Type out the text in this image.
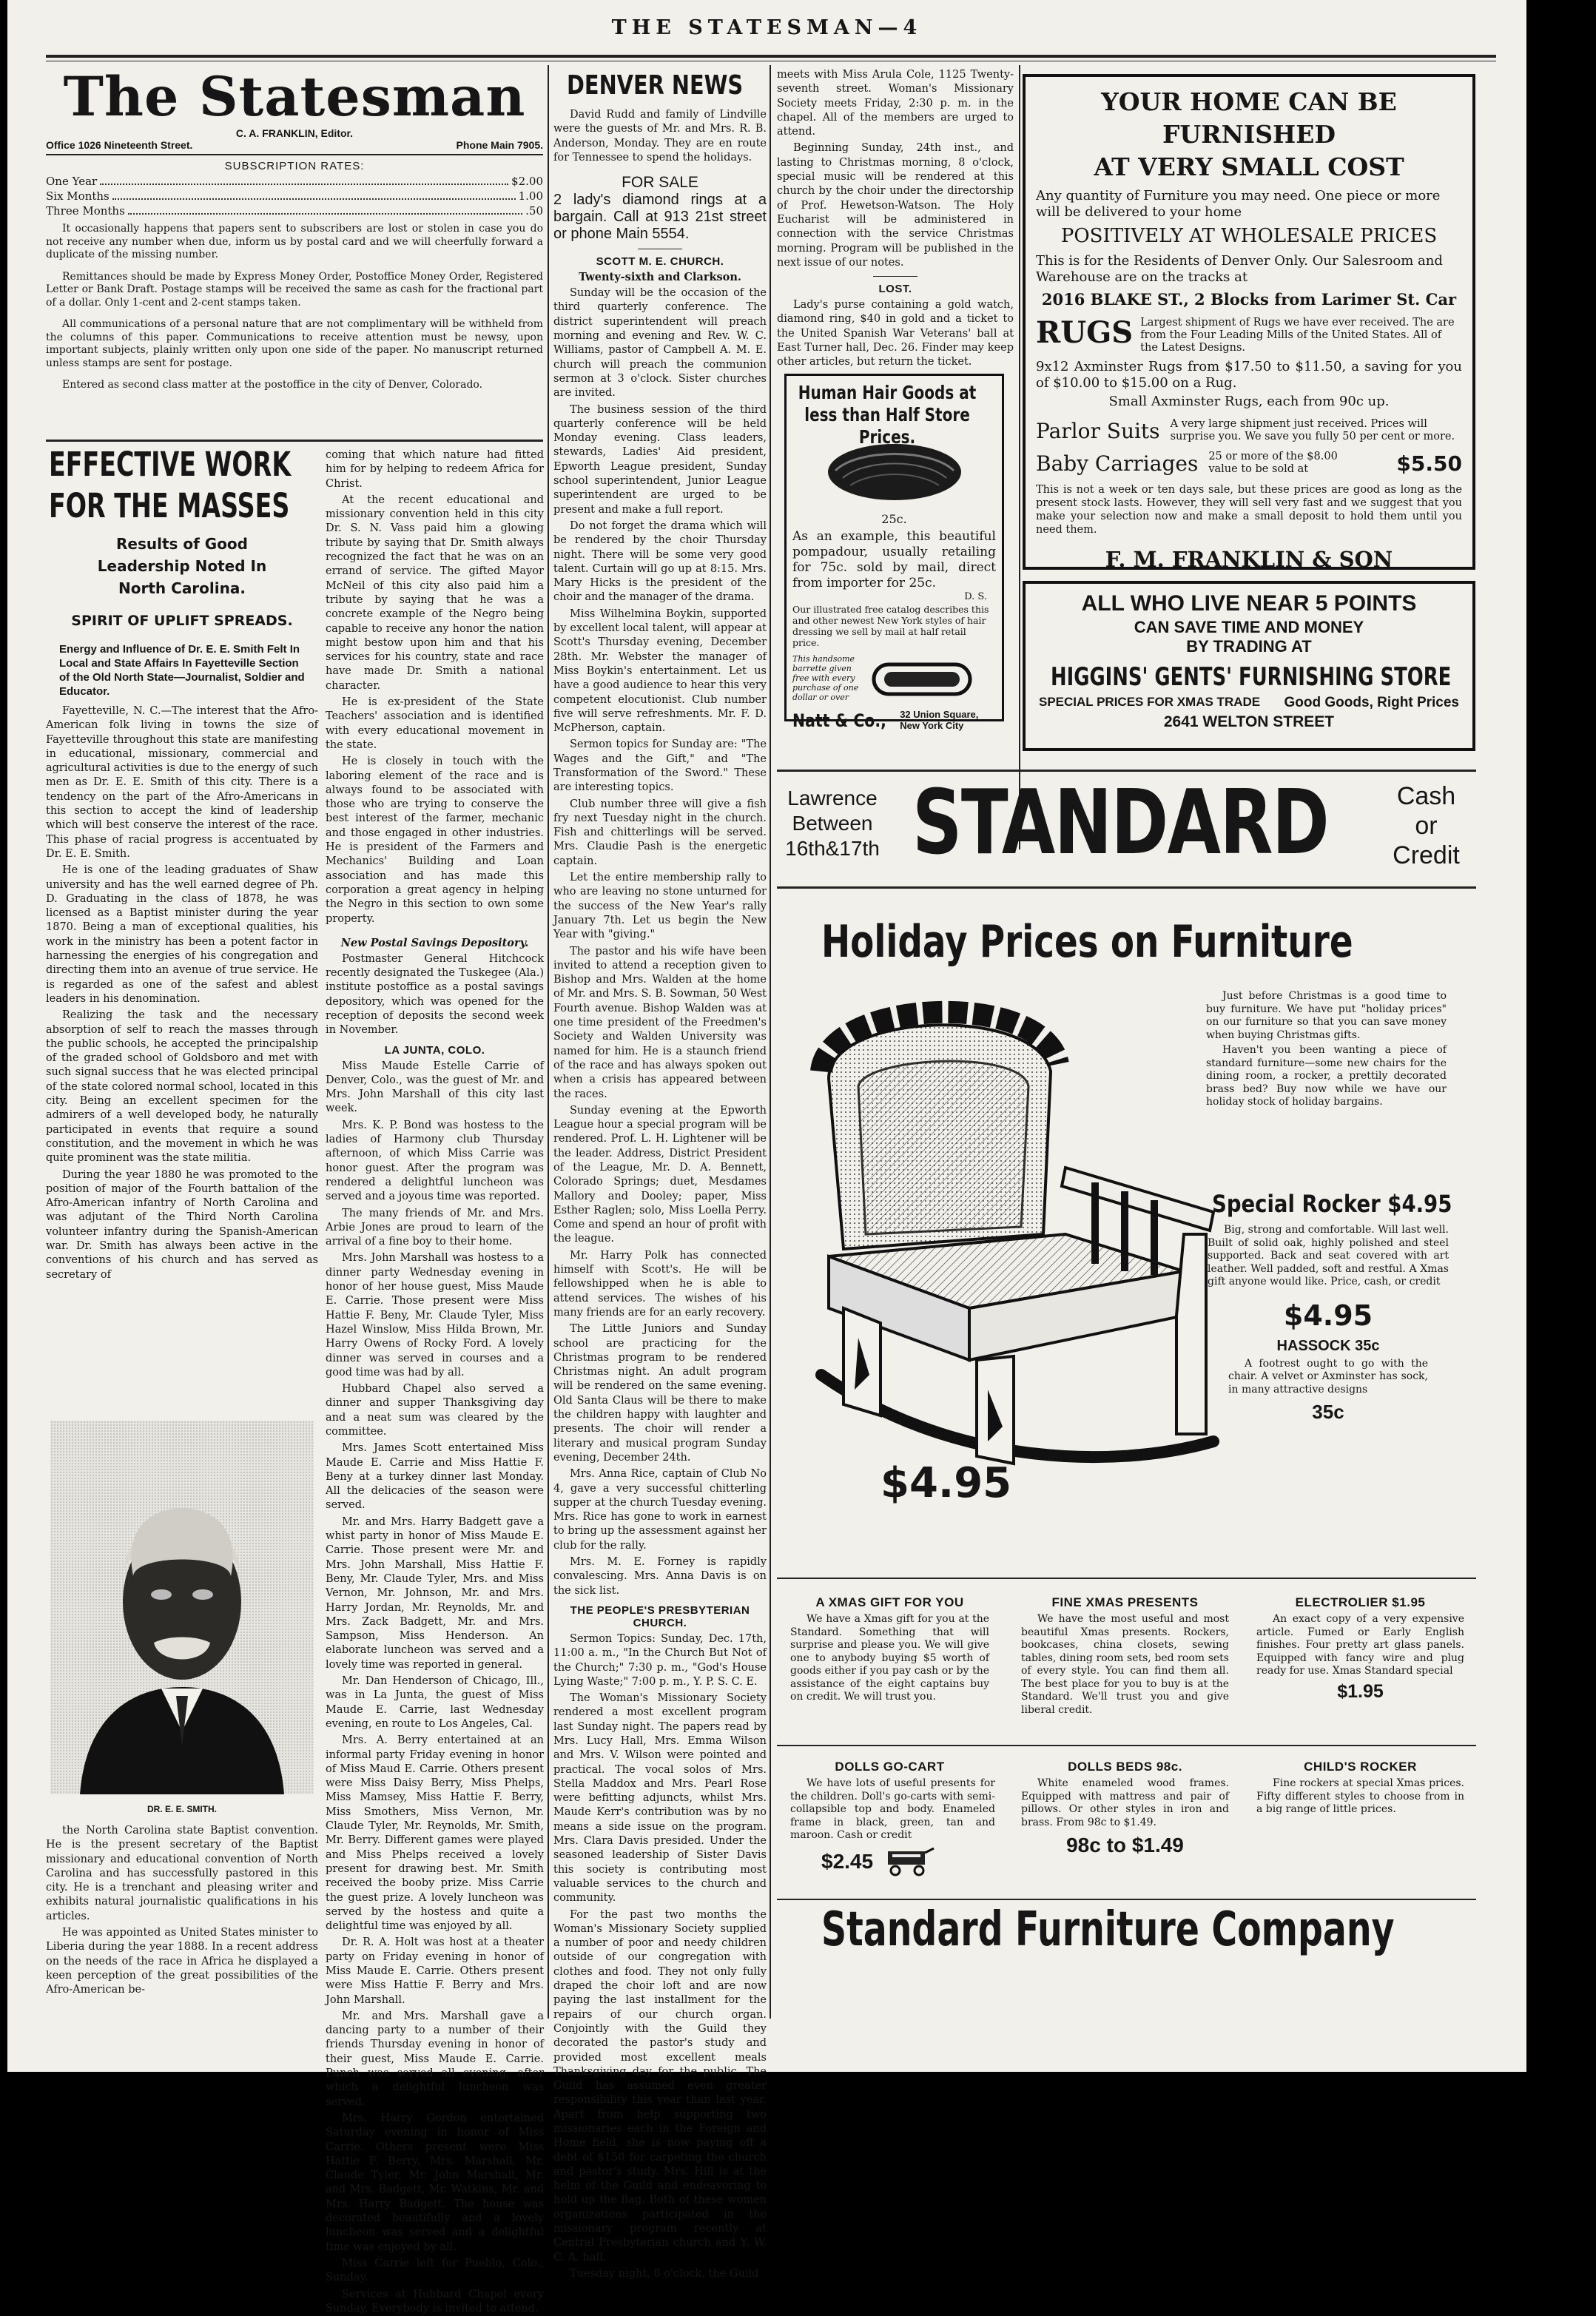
THE STATESMAN—4
The Statesman
C. A. FRANKLIN, Editor.
Office 1026 Nineteenth Street.	Phone Main 7905.
SUBSCRIPTION RATES:
One Year	$2.00
Six Months	1.00
Three Months	.50

It occasionally happens that papers sent to subscribers are lost or stolen in case you do not receive any number when due, inform us by postal card and we will cheerfully forward a duplicate of the missing number.

Remittances should be made by Express Money Order, Postoffice Money Order, Registered Letter or Bank Draft. Postage stamps will be received the same as cash for the fractional part of a dollar. Only 1-cent and 2-cent stamps taken.

All communications of a personal nature that are not complimentary will be withheld from the columns of this paper. Communications to receive attention must be newsy, upon important subjects, plainly written only upon one side of the paper. No manuscript returned unless stamps are sent for postage.

Entered as second class matter at the postoffice in the city of Denver, Colorado.

EFFECTIVE WORK
FOR THE MASSES
Results of Good Leadership Noted In North Carolina.
SPIRIT OF UPLIFT SPREADS.
Energy and Influence of Dr. E. E. Smith Felt In Local and State Affairs In Fayetteville Section of the Old North State—Journalist, Soldier and Educator.

Fayetteville, N. C.—The interest that the Afro-American folk living in towns the size of Fayetteville throughout this state are manifesting in educational, missionary, commercial and agricultural activities is due to the energy of such men as Dr. E. E. Smith of this city. There is a tendency on the part of the Afro-Americans in this section to accept the kind of leadership which will best conserve the interest of the race. This phase of racial progress is accentuated by Dr. E. E. Smith.

He is one of the leading graduates of Shaw university and has the well earned degree of Ph. D. Graduating in the class of 1878, he was licensed as a Baptist minister during the year 1870. Being a man of exceptional qualities, his work in the ministry has been a potent factor in harnessing the energies of his congregation and directing them into an avenue of true service. He is regarded as one of the safest and ablest leaders in his denomination.

Realizing the task and the necessary absorption of self to reach the masses through the public schools, he accepted the principalship of the graded school of Goldsboro and met with such signal success that he was elected principal of the state colored normal school, located in this city. Being an excellent specimen for the admirers of a well developed body, he naturally participated in events that require a sound constitution, and the movement in which he was quite prominent was the state militia.

During the year 1880 he was promoted to the position of major of the Fourth battalion of the Afro-American infantry of North Carolina and was adjutant of the Third North Carolina volunteer infantry during the Spanish-American war. Dr. Smith has always been active in the conventions of his church and has served as secretary of

DR. E. E. SMITH.

the North Carolina state Baptist convention. He is the present secretary of the Baptist missionary and educational convention of North Carolina and has successfully pastored in this city. He is a trenchant and pleasing writer and exhibits natural journalistic qualifications in his articles.

He was appointed as United States minister to Liberia during the year 1888. In a recent address on the needs of the race in Africa he displayed a keen perception of the great possibilities of the Afro-American be-

coming that which nature had fitted him for by helping to redeem Africa for Christ.

At the recent educational and missionary convention held in this city Dr. S. N. Vass paid him a glowing tribute by saying that Dr. Smith always recognized the fact that he was on an errand of service. The gifted Mayor McNeil of this city also paid him a tribute by saying that he was a concrete example of the Negro being capable to receive any honor the nation might bestow upon him and that his services for his country, state and race have made Dr. Smith a national character.

He is ex-president of the State Teachers' association and is identified with every educational movement in the state.

He is closely in touch with the laboring element of the race and is always found to be associated with those who are trying to conserve the best interest of the farmer, mechanic and those engaged in other industries. He is president of the Farmers and Mechanics' Building and Loan association and has made this corporation a great agency in helping the Negro in this section to own some property.

New Postal Savings Depository.

Postmaster General Hitchcock recently designated the Tuskegee (Ala.) institute postoffice as a postal savings depository, which was opened for the reception of deposits the second week in November.

LA JUNTA, COLO.

Miss Maude Estelle Carrie of Denver, Colo., was the guest of Mr. and Mrs. John Marshall of this city last week.

Mrs. K. P. Bond was hostess to the ladies of Harmony club Thursday afternoon, of which Miss Carrie was honor guest. After the program was rendered a delightful luncheon was served and a joyous time was reported.

The many friends of Mr. and Mrs. Arbie Jones are proud to learn of the arrival of a fine boy to their home.

Mrs. John Marshall was hostess to a dinner party Wednesday evening in honor of her house guest, Miss Maude E. Carrie. Those present were Miss Hattie F. Beny, Mr. Claude Tyler, Miss Hazel Winslow, Miss Hilda Brown, Mr. Harry Owens of Rocky Ford. A lovely dinner was served in courses and a good time was had by all.

Hubbard Chapel also served a dinner and supper Thanksgiving day and a neat sum was cleared by the committee.

Mrs. James Scott entertained Miss Maude E. Carrie and Miss Hattie F. Beny at a turkey dinner last Monday. All the delicacies of the season were served.

Mr. and Mrs. Harry Badgett gave a whist party in honor of Miss Maude E. Carrie. Those present were Mr. and Mrs. John Marshall, Miss Hattie F. Beny, Mr. Claude Tyler, Mrs. and Miss Vernon, Mr. Johnson, Mr. and Mrs. Harry Jordan, Mr. Reynolds, Mr. and Mrs. Zack Badgett, Mr. and Mrs. Sampson, Miss Henderson. An elaborate luncheon was served and a lovely time was reported in general.

Mr. Dan Henderson of Chicago, Ill., was in La Junta, the guest of Miss Maude E. Carrie, last Wednesday evening, en route to Los Angeles, Cal.

Mrs. A. Berry entertained at an informal party Friday evening in honor of Miss Maud E. Carrie. Others present were Miss Daisy Berry, Miss Phelps, Miss Mamsey, Miss Hattie F. Berry, Miss Smothers, Miss Vernon, Mr. Claude Tyler, Mr. Reynolds, Mr. Smith, Mr. Berry. Different games were played and Miss Phelps received a lovely present for drawing best. Mr. Smith received the booby prize. Miss Carrie the guest prize. A lovely luncheon was served by the hostess and quite a delightful time was enjoyed by all.

Dr. R. A. Holt was host at a theater party on Friday evening in honor of Miss Maude E. Carrie. Others present were Miss Hattie F. Berry and Mrs. John Marshall.

Mr. and Mrs. Marshall gave a dancing party to a number of their friends Thursday evening in honor of their guest, Miss Maude E. Carrie. Punch was served all evening, after which a delightful luncheon was served.

Mrs. Harry Gordon entertained Saturday evening in honor of Miss Carrie. Others present were Miss Hattie F. Berry, Mrs. Marshall, Mr. Claude Tyler, Mr. John Marshall, Mr. and Mrs. Badgett, Mr. Watkins, Mr. and Mrs. Harry Badgett. The house was decorated beautifully and a lovely luncheon was served and a delightful time was enjoyed by all.

Miss Carrie left for Pueblo, Colo., Sunday.

Services at Hubbard Chapel every Sunday. Everybody is invited to attend.

DENVER NEWS

David Rudd and family of Lindville were the guests of Mr. and Mrs. R. B. Anderson, Monday. They are en route for Tennessee to spend the holidays.

FOR SALE
2 lady's diamond rings at a bargain. Call at 913 21st street or phone Main 5554.
SCOTT M. E. CHURCH.
Twenty-sixth and Clarkson.

Sunday will be the occasion of the third quarterly conference. The district superintendent will preach morning and evening and Rev. W. C. Williams, pastor of Campbell A. M. E. church will preach the communion sermon at 3 o'clock. Sister churches are invited.

The business session of the third quarterly conference will be held Monday evening. Class leaders, stewards, Ladies' Aid president, Epworth League president, Sunday school superintendent, Junior League superintendent are urged to be present and make a full report.

Do not forget the drama which will be rendered by the choir Thursday night. There will be some very good talent. Curtain will go up at 8:15. Mrs. Mary Hicks is the president of the choir and the manager of the drama.

Miss Wilhelmina Boykin, supported by excellent local talent, will appear at Scott's Thursday evening, December 28th. Mr. Webster the manager of Miss Boykin's entertainment. Let us have a good audience to hear this very competent elocutionist. Club number five will serve refreshments. Mr. F. D. McPherson, captain.

Sermon topics for Sunday are: "The Wages and the Gift," and "The Transformation of the Sword." These are interesting topics.

Club number three will give a fish fry next Tuesday night in the church. Fish and chitterlings will be served. Mrs. Claudie Pash is the energetic captain.

Let the entire membership rally to who are leaving no stone unturned for the success of the New Year's rally January 7th. Let us begin the New Year with "giving."

The pastor and his wife have been invited to attend a reception given to Bishop and Mrs. Walden at the home of Mr. and Mrs. S. B. Sowman, 50 West Fourth avenue. Bishop Walden was at one time president of the Freedmen's Society and Walden University was named for him. He is a staunch friend of the race and has always spoken out when a crisis has appeared between the races.

Sunday evening at the Epworth League hour a special program will be rendered. Prof. L. H. Lightener will be the leader. Address, District President of the League, Mr. D. A. Bennett, Colorado Springs; duet, Mesdames Mallory and Dooley; paper, Miss Esther Raglen; solo, Miss Loella Perry. Come and spend an hour of profit with the league.

Mr. Harry Polk has connected himself with Scott's. He will be fellowshipped when he is able to attend services. The wishes of his many friends are for an early recovery.

The Little Juniors and Sunday school are practicing for the Christmas program to be rendered Christmas night. An adult program will be rendered on the same evening. Old Santa Claus will be there to make the children happy with laughter and presents. The choir will render a literary and musical program Sunday evening, December 24th.

Mrs. Anna Rice, captain of Club No 4, gave a very successful chitterling supper at the church Tuesday evening. Mrs. Rice has gone to work in earnest to bring up the assessment against her club for the rally.

Mrs. M. E. Forney is rapidly convalescing. Mrs. Anna Davis is on the sick list.

THE PEOPLE'S PRESBYTERIAN CHURCH.

Sermon Topics: Sunday, Dec. 17th, 11:00 a. m., "In the Church But Not of the Church;" 7:30 p. m., "God's House Lying Waste;" 7:00 p. m., Y. P. S. C. E.

The Woman's Missionary Society rendered a most excellent program last Sunday night. The papers read by Mrs. Lucy Hall, Mrs. Emma Wilson and Mrs. V. Wilson were pointed and practical. The vocal solos of Mrs. Stella Maddox and Mrs. Pearl Rose were befitting adjuncts, whilst Mrs. Maude Kerr's contribution was by no means a side issue on the program. Mrs. Clara Davis presided. Under the seasoned leadership of Sister Davis this society is contributing most valuable services to the church and community.

For the past two months the Woman's Missionary Society supplied a number of poor and needy children outside of our congregation with clothes and food. They not only fully draped the choir loft and are now paying the last installment for the repairs of our church organ. Conjointly with the Guild they decorated the pastor's study and provided most excellent meals Thanksgiving day for the public. The Guild has assumed even greater responsibility this year than last year. Apart from help supporting two missionaries each in the Foreign and Home field, she is now paying off a debt of $150 for carpeting the church and pastor's study. Mrs. Hill is at the helm of the Guild and endeavoring to hold up the flag. Both of these women organizations participated in the missionary program recently at Central Presbyterian church and Y. W. C. A. hall.

Tuesday night, 8 o'clock, the Guild

meets with Miss Arula Cole, 1125 Twenty-seventh street. Woman's Missionary Society meets Friday, 2:30 p. m. in the chapel. All of the members are urged to attend.

Beginning Sunday, 24th inst., and lasting to Christmas morning, 8 o'clock, special music will be rendered at this church by the choir under the directorship of Prof. Hewetson-Watson. The Holy Eucharist will be administered in connection with the service Christmas morning. Program will be published in the next issue of our notes.

LOST.

Lady's purse containing a gold watch, diamond ring, $40 in gold and a ticket to the United Spanish War Veterans' ball at East Turner hall, Dec. 26. Finder may keep other articles, but return the ticket.

Human Hair Goods at less than Half Store Prices.
25c.
As an example, this beautiful pompadour, usually retailing for 75c. sold by mail, direct from importer for 25c.
D. S.
Our illustrated free catalog describes this and other newest New York styles of hair dressing we sell by mail at half retail price.
This handsome barrette given free with every purchase of one dollar or over
Natt & Co., 32 Union Square, New York City
YOUR HOME CAN BE FURNISHED
AT VERY SMALL COST
Any quantity of Furniture you may need. One piece or more will be delivered to your home
POSITIVELY AT WHOLESALE PRICES
This is for the Residents of Denver Only. Our Salesroom and Warehouse are on the tracks at
2016 BLAKE ST., 2 Blocks from Larimer St. Car
RUGS Largest shipment of Rugs we have ever received. The are from the Four Leading Mills of the United States. All of the Latest Designs.
9x12 Axminster Rugs from $17.50 to $11.50, a saving for you of $10.00 to $15.00 on a Rug.
Small Axminster Rugs, each from 90c up.
Parlor Suits A very large shipment just received. Prices will surprise you. We save you fully 50 per cent or more.
Baby Carriages 25 or more of the $8.00 value to be sold at	$5.50
This is not a week or ten days sale, but these prices are good as long as the present stock lasts. However, they will sell very fast and we suggest that you make your selection now and make a small deposit to hold them until you need them.
F. M. FRANKLIN & SON
ALL WHO LIVE NEAR 5 POINTS
CAN SAVE TIME AND MONEY
BY TRADING AT
HIGGINS' GENTS' FURNISHING STORE
SPECIAL PRICES FOR XMAS TRADE Good Goods, Right Prices
2641 WELTON STREET
Lawrence
Between
16th&17th STANDARD	Cash
or
Credit
Holiday Prices on Furniture
$4.95

Just before Christmas is a good time to buy furniture. We have put "holiday prices" on our furniture so that you can save money when buying Christmas gifts.

Haven't you been wanting a piece of standard furniture—some new chairs for the dining room, a rocker, a prettily decorated brass bed? Buy now while we have our holiday stock of holiday bargains.

Special Rocker $4.95

Big, strong and comfortable. Will last well. Built of solid oak, highly polished and steel supported. Back and seat covered with art leather. Well padded, soft and restful. A Xmas gift anyone would like. Price, cash, or credit

$4.95
HASSOCK 35c

A footrest ought to go with the chair. A velvet or Axminster has sock, in many attractive designs

35c
A XMAS GIFT FOR YOU

We have a Xmas gift for you at the Standard. Something that will surprise and please you. We will give one to anybody buying $5 worth of goods either if you pay cash or by the assistance of the eight captains buy on credit. We will trust you.

FINE XMAS PRESENTS

We have the most useful and most beautiful Xmas presents. Rockers, bookcases, china closets, sewing tables, dining room sets, bed room sets of every style. You can find them all. The best place for you to buy is at the Standard. We'll trust you and give liberal credit.

ELECTROLIER $1.95

An exact copy of a very expensive article. Fumed or Early English finishes. Four pretty art glass panels. Equipped with fancy wire and plug ready for use. Xmas Standard special

$1.95
DOLLS GO-CART

We have lots of useful presents for the children. Doll's go-carts with semi-collapsible top and body. Enameled frame in black, green, tan and maroon. Cash or credit

$2.45
DOLLS BEDS 98c.

White enameled wood frames. Equipped with mattress and pair of pillows. Or other styles in iron and brass. From 98c to $1.49.

98c to $1.49
CHILD'S ROCKER

Fine rockers at special Xmas prices. Fifty different styles to choose from in a big range of little prices.

Standard Furniture Company
